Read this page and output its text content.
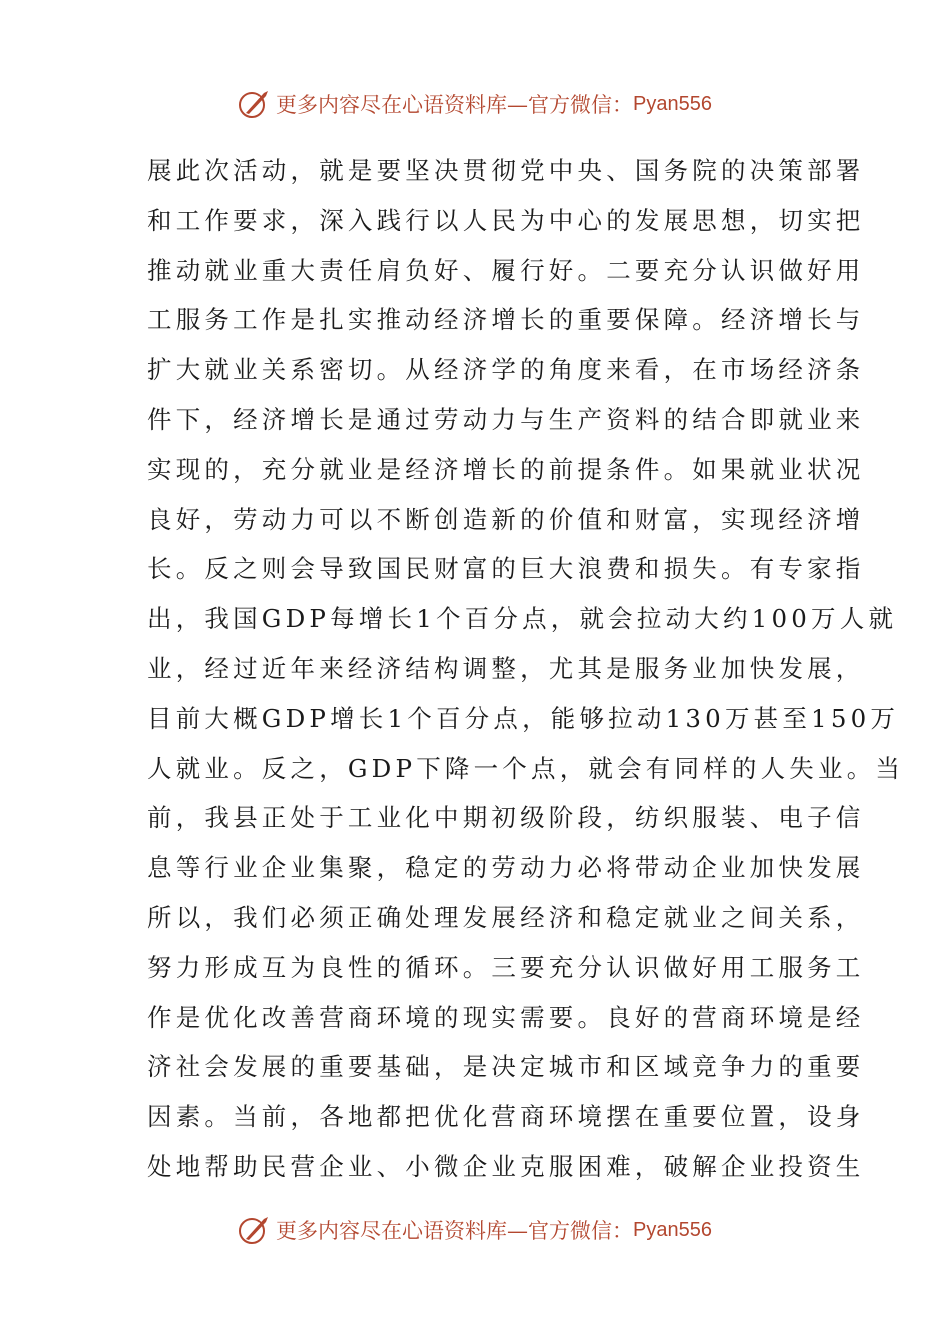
更多内容尽在心语资料库—官方微信： Pyan556
展此次活动，就是要坚决贯彻党中央、国务院的决策部署
和工作要求，深入践行以人民为中心的发展思想，切实把
推动就业重大责任肩负好、履行好。二要充分认识做好用
工服务工作是扎实推动经济增长的重要保障。经济增长与
扩大就业关系密切。从经济学的角度来看，在市场经济条
件下，经济增长是通过劳动力与生产资料的结合即就业来
实现的，充分就业是经济增长的前提条件。如果就业状况
良好，劳动力可以不断创造新的价值和财富，实现经济增
长。反之则会导致国民财富的巨大浪费和损失。有专家指
出，我国GDP每增长1个百分点，就会拉动大约100万人就
业，经过近年来经济结构调整，尤其是服务业加快发展，
目前大概GDP增长1个百分点，能够拉动130万甚至150万
人就业。反之，GDP下降一个点，就会有同样的人失业。当
前，我县正处于工业化中期初级阶段，纺织服装、电子信
息等行业企业集聚，稳定的劳动力必将带动企业加快发展
所以，我们必须正确处理发展经济和稳定就业之间关系，
努力形成互为良性的循环。三要充分认识做好用工服务工
作是优化改善营商环境的现实需要。良好的营商环境是经
济社会发展的重要基础，是决定城市和区域竞争力的重要
因素。当前，各地都把优化营商环境摆在重要位置，设身
处地帮助民营企业、小微企业克服困难，破解企业投资生
更多内容尽在心语资料库—官方微信： Pyan556
